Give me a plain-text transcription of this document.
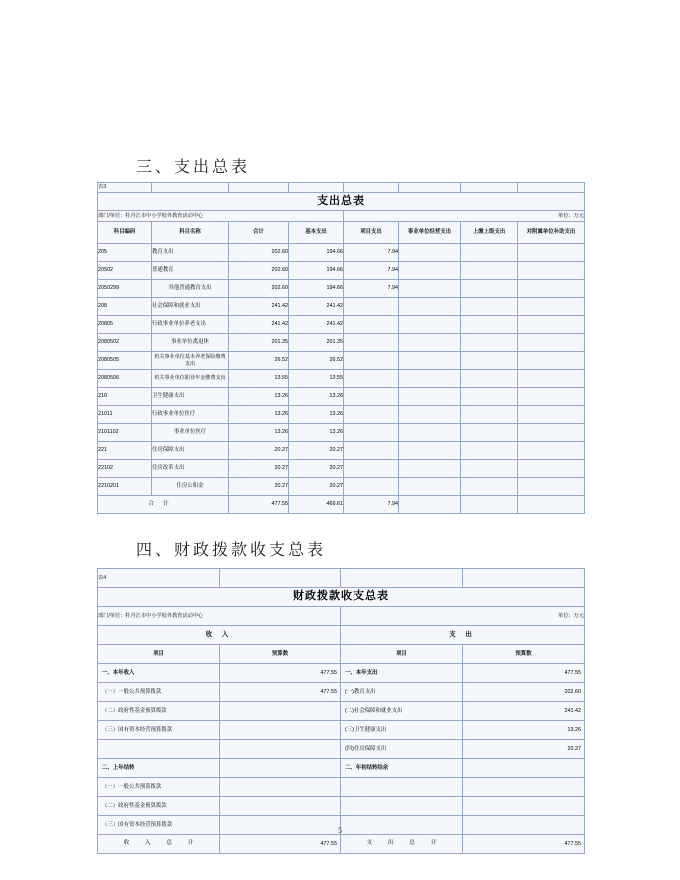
三、支出总表
表3							
支出总表							
部门/单位：牡丹江市中小学校外教育活动中心				单位：万元			
科目编码	科目名称	合计	基本支出	项目支出	事业单位经营支出	上缴上级支出	对附属单位补助支出
205	教育支出	202.60	194.66	7.94			
20502	普通教育	202.60	194.66	7.94			
2050299	其他普通教育支出	202.60	194.66	7.94			
208	社会保障和就业支出	241.42	241.42				
20805	行政事业单位养老支出	241.42	241.42				
2080502	事业单位离退休	201.35	201.35				
2080505	机关事业单位基本养老保险缴费支出	26.52	26.52				
2080506	机关事业单位职业年金缴费支出	13.55	13.55				
210	卫生健康支出	13.26	13.26				
21011	行政事业单位医疗	13.26	13.26				
2101102	事业单位医疗	13.26	13.26				
221	住房保障支出	20.27	20.27				
22102	住房改革支出	20.27	20.27				
2210201	住房公积金	20.27	20.27				
合计		477.55	469.61	7.94			
四、财政拨款收支总表
表4			
财政拨款收支总表			
部门/单位：牡丹江市中小学校外教育活动中心		单位：万元	
收 入		支 出	
项目	预算数	项目	预算数
一、本年收入	477.55	一、本年支出	477.55
（一）一般公共预算拨款	477.55	(一)教育支出	202.60
（二）政府性基金预算拨款		(二)社会保障和就业支出	241.42
（三）国有资本经营预算拨款		(三)卫生健康支出	13.26
		(四)住房保障支出	20.27
二、上年结转		二、年初结转结余	
（一）一般公共预算拨款			
（二）政府性基金预算拨款			
（三）国有资本经营预算拨款			
收 入 总 计	477.55	支 出 总 计	477.55
5
